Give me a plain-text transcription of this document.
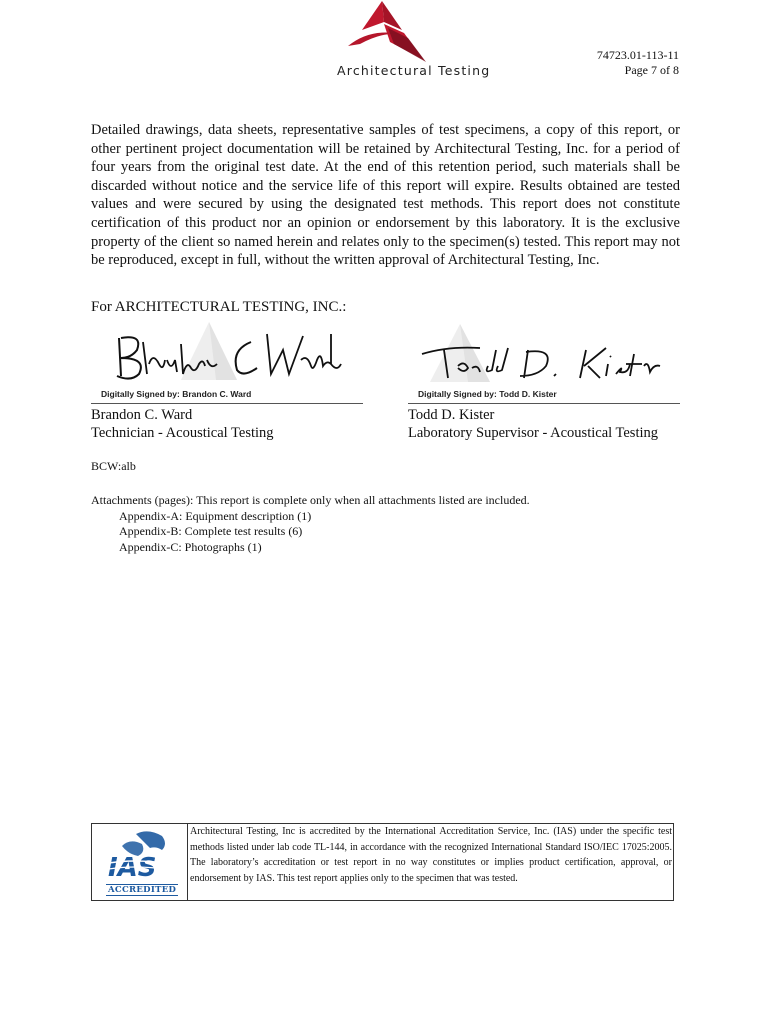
Architectural Testing
74723.01-113-11
Page 7 of 8

Detailed drawings, data sheets, representative samples of test specimens, a copy of this report, or other pertinent project documentation will be retained by Architectural Testing, Inc. for a period of four years from the original test date. At the end of this retention period, such materials shall be discarded without notice and the service life of this report will expire. Results obtained are tested values and were secured by using the designated test methods. This report does not constitute certification of this product nor an opinion or endorsement by this laboratory. It is the exclusive property of the client so named herein and relates only to the specimen(s) tested. This report may not be reproduced, except in full, without the written approval of Architectural Testing, Inc.

For ARCHITECTURAL TESTING, INC.:
Digitally Signed by: Brandon C. Ward	Digitally Signed by: Todd D. Kister
Brandon C. Ward
Technician - Acoustical Testing
Todd D. Kister
Laboratory Supervisor - Acoustical Testing
BCW:alb
Attachments (pages): This report is complete only when all attachments listed are included.
Appendix-A: Equipment description (1)
Appendix-B: Complete test results (6)
Appendix-C: Photographs (1)
IAS
ACCREDITED

Architectural Testing, Inc is accredited by the International Accreditation Service, Inc. (IAS) under the specific test methods listed under lab code TL-144, in accordance with the recognized International Standard ISO/IEC 17025:2005. The laboratory’s accreditation or test report in no way constitutes or implies product certification, approval, or endorsement by IAS. This test report applies only to the specimen that was tested.
